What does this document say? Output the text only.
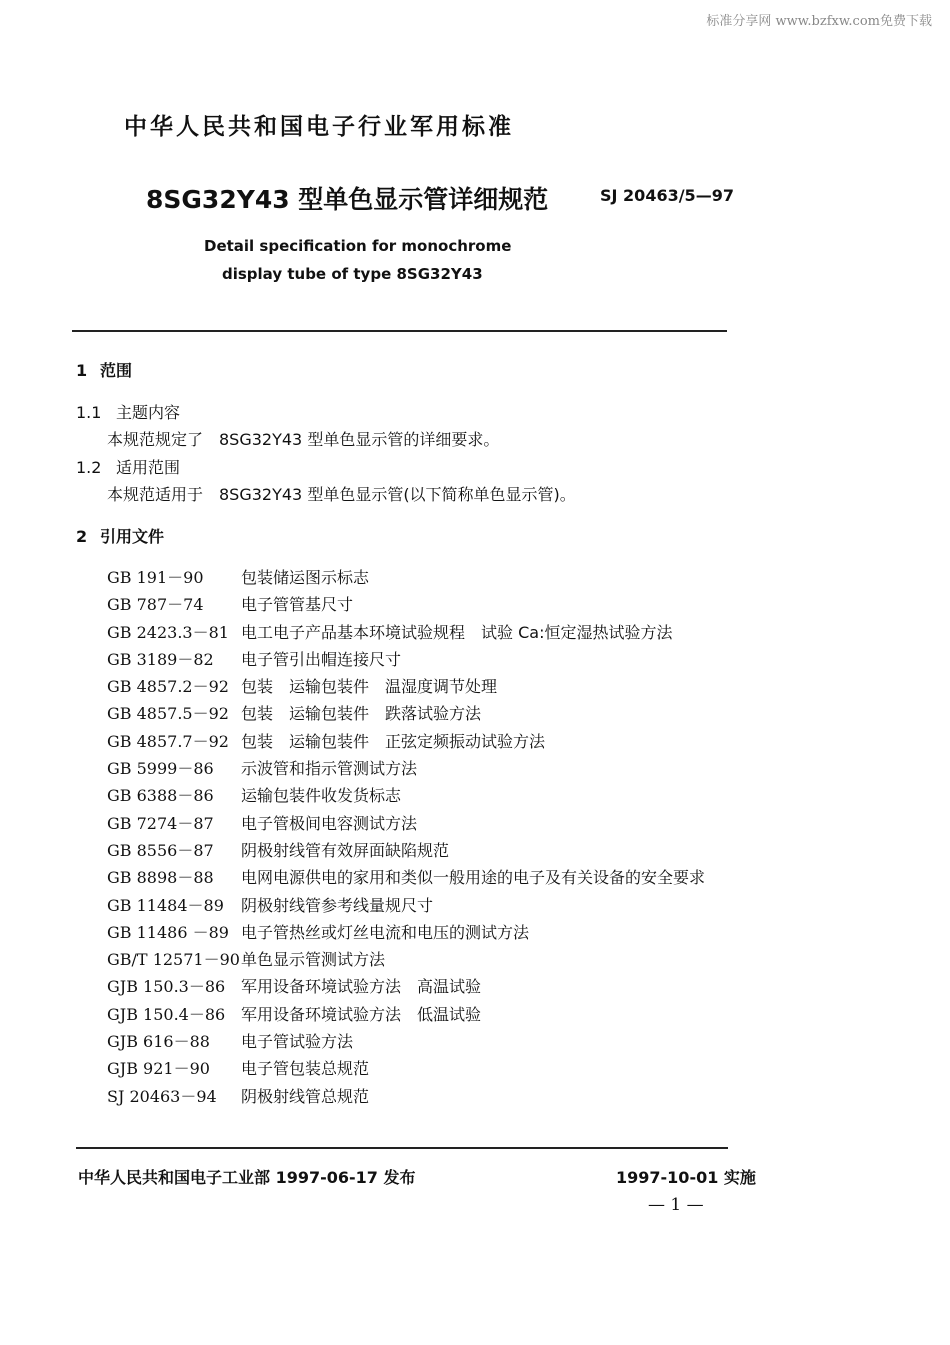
标准分享网 www.bzfxw.com免费下载
中华人民共和国电子行业军用标准
8SG32Y43 型单色显示管详细规范	SJ 20463/5—97
Detail specification for monochrome
display tube of type 8SG32Y43
1 范围
1.1 主题内容
本规范规定了　8SG32Y43 型单色显示管的详细要求。
1.2 适用范围
本规范适用于　8SG32Y43 型单色显示管(以下简称单色显示管)。
2 引用文件
GB 191－90 包装储运图示标志
GB 787－74 电子管管基尺寸
GB 2423.3－81 电工电子产品基本环境试验规程　试验 Ca:恒定湿热试验方法
GB 3189－82 电子管引出帽连接尺寸
GB 4857.2－92 包装　运输包装件　温湿度调节处理
GB 4857.5－92 包装　运输包装件　跌落试验方法
GB 4857.7－92 包装　运输包装件　正弦定频振动试验方法
GB 5999－86 示波管和指示管测试方法
GB 6388－86 运输包装件收发货标志
GB 7274－87 电子管极间电容测试方法
GB 8556－87 阴极射线管有效屏面缺陷规范
GB 8898－88 电网电源供电的家用和类似一般用途的电子及有关设备的安全要求
GB 11484－89 阴极射线管参考线量规尺寸
GB 11486 －89 电子管热丝或灯丝电流和电压的测试方法
GB/T 12571－90单色显示管测试方法
GJB 150.3－86 军用设备环境试验方法　高温试验
GJB 150.4－86 军用设备环境试验方法　低温试验
GJB 616－88 电子管试验方法
GJB 921－90 电子管包装总规范
SJ 20463－94 阴极射线管总规范
中华人民共和国电子工业部 1997-06-17 发布	1997-10-01 实施
— 1 —
